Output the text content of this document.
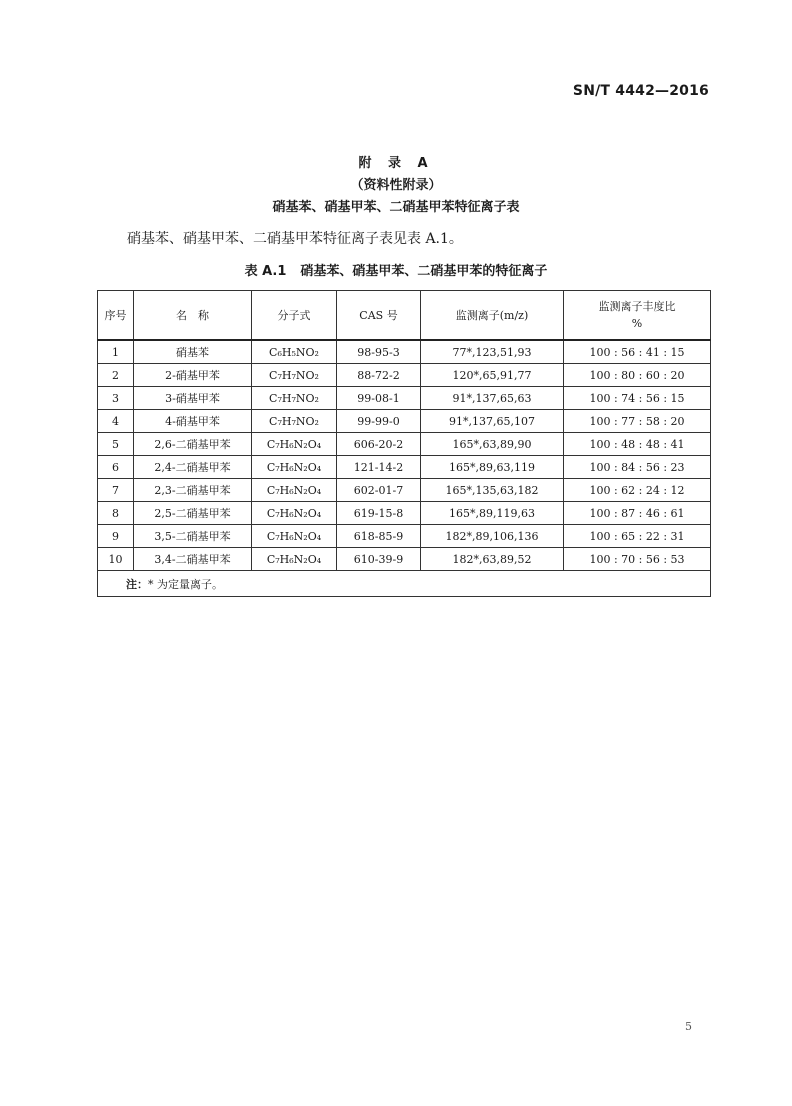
SN/T 4442—2016
附 录 A
（资料性附录）
硝基苯、硝基甲苯、二硝基甲苯特征离子表
硝基苯、硝基甲苯、二硝基甲苯特征离子表见表 A.1。
表 A.1 硝基苯、硝基甲苯、二硝基甲苯的特征离子
序号	名　称	分子式	CAS 号	监测离子(m/z)	监测离子丰度比
%

1	硝基苯	C₆H₅NO₂	98-95-3	77*,123,51,93	100 : 56 : 41 : 15
2	2-硝基甲苯	C₇H₇NO₂	88-72-2	120*,65,91,77	100 : 80 : 60 : 20
3	3-硝基甲苯	C₇H₇NO₂	99-08-1	91*,137,65,63	100 : 74 : 56 : 15
4	4-硝基甲苯	C₇H₇NO₂	99-99-0	91*,137,65,107	100 : 77 : 58 : 20
5	2,6-二硝基甲苯	C₇H₆N₂O₄	606-20-2	165*,63,89,90	100 : 48 : 48 : 41
6	2,4-二硝基甲苯	C₇H₆N₂O₄	121-14-2	165*,89,63,119	100 : 84 : 56 : 23
7	2,3-二硝基甲苯	C₇H₆N₂O₄	602-01-7	165*,135,63,182	100 : 62 : 24 : 12
8	2,5-二硝基甲苯	C₇H₆N₂O₄	619-15-8	165*,89,119,63	100 : 87 : 46 : 61
9	3,5-二硝基甲苯	C₇H₆N₂O₄	618-85-9	182*,89,106,136	100 : 65 : 22 : 31
10	3,4-二硝基甲苯	C₇H₆N₂O₄	610-39-9	182*,63,89,52	100 : 70 : 56 : 53
注：* 为定量离子。					
5
